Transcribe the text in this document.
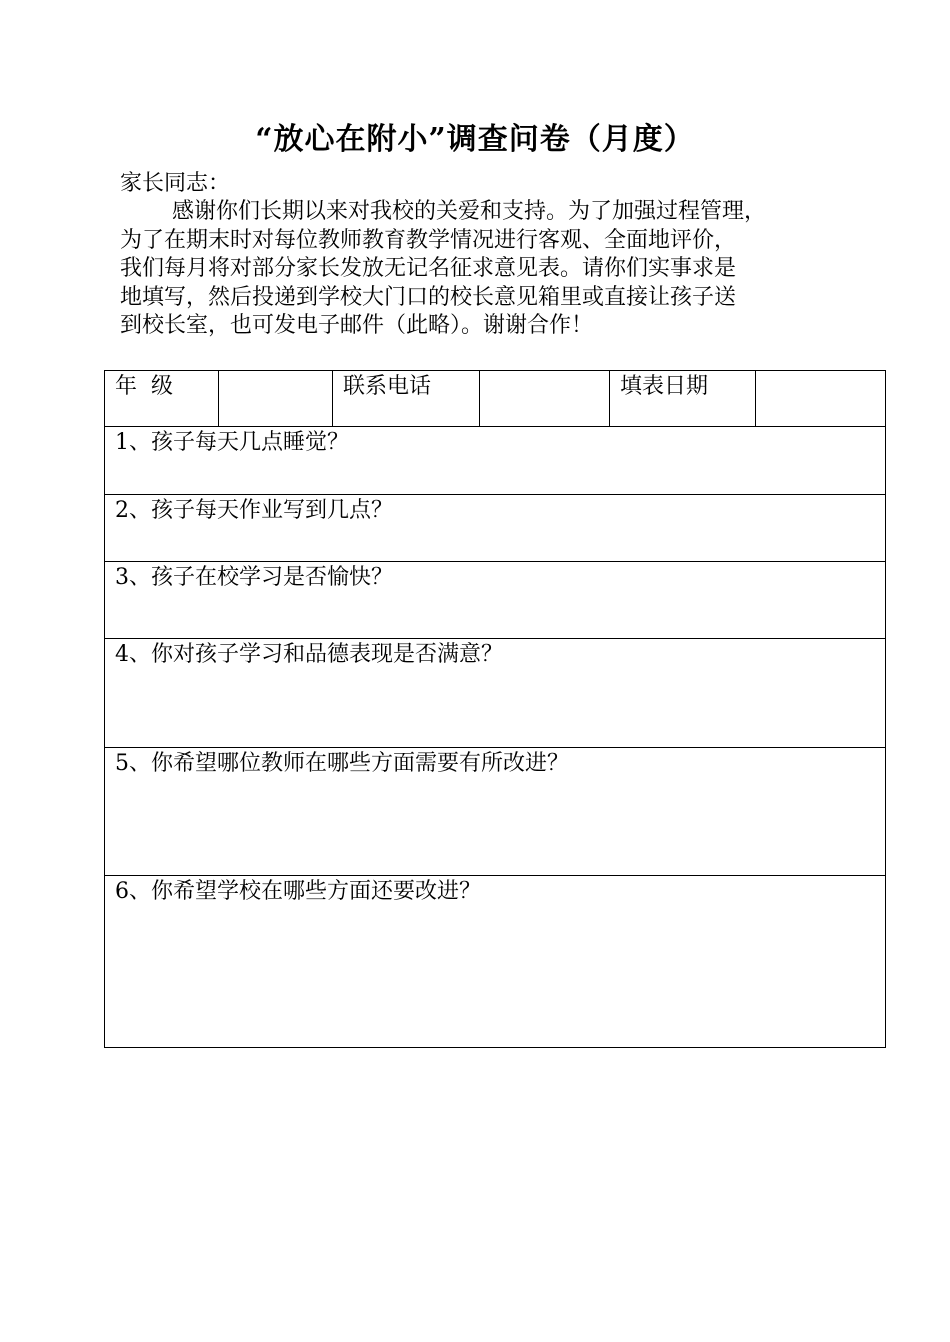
“放心在附小”调查问卷（月度）
家长同志：

感谢你们长期以来对我校的关爱和支持。为了加强过程管理，
为了在期末时对每位教师教育教学情况进行客观、全面地评价，
我们每月将对部分家长发放无记名征求意见表。请你们实事求是
地填写，然后投递到学校大门口的校长意见箱里或直接让孩子送
到校长室，也可发电子邮件（此略）。谢谢合作！

年  级		联系电话		填表日期	
1、孩子每天几点睡觉？
2、孩子每天作业写到几点？
3、孩子在校学习是否愉快？
4、你对孩子学习和品德表现是否满意？
5、你希望哪位教师在哪些方面需要有所改进？
6、你希望学校在哪些方面还要改进？
